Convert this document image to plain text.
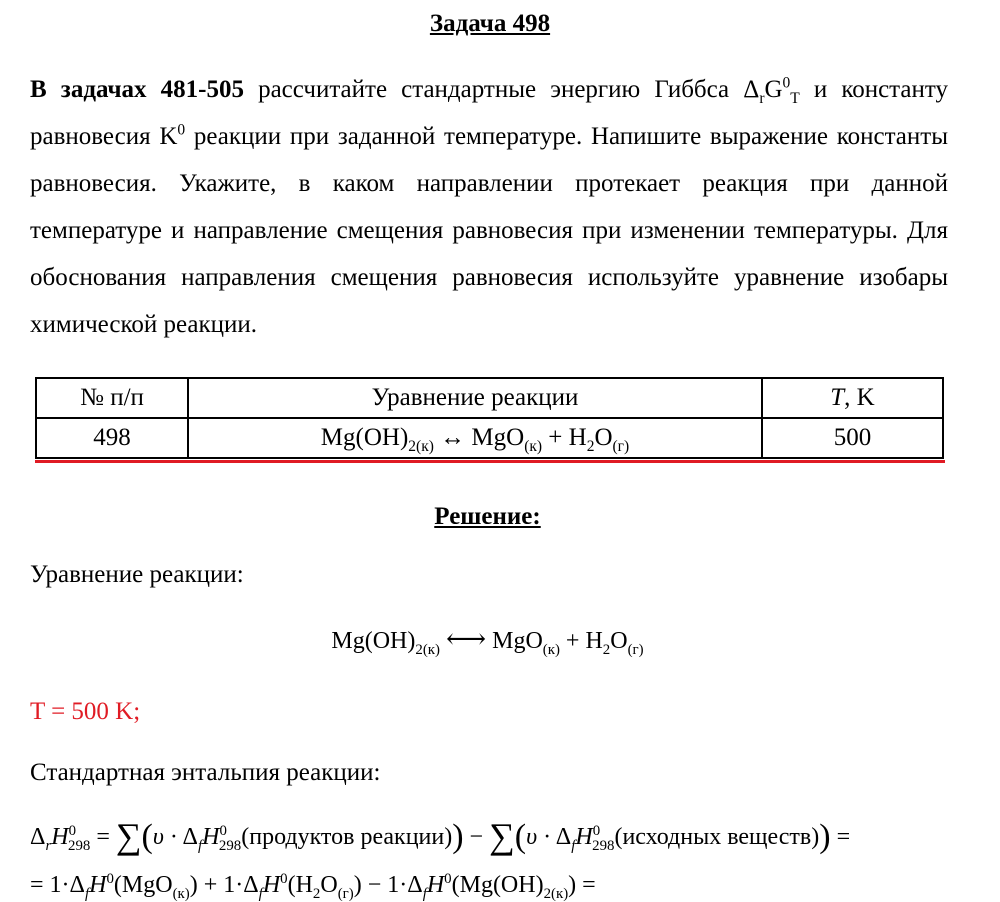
Задача 498

В задачах 481-505 рассчитайте стандартные энергию Гиббса $\Delta_rG^0_T$ и константу равновесия $K^0$ реакции при заданной температуре. Напишите выражение константы равновесия. Укажите, в каком направлении протекает реакция при данной температуре и направление смещения равновесия при изменении температуры. Для обоснования направления смещения равновесия используйте уравнение изобары химической реакции.

№ п/п	Уравнение реакции	T, K
498	$Mg(OH)_{2(к)}$ ↔ $MgO_{(к)} + H_2O_{(г)}$	500
Решение:
Уравнение реакции:
$Mg(OH)_{2(к)}$ ⟷ $MgO_{(к)} + H_2O_{(г)}$
T = 500 K;
Стандартная энтальпия реакции:
$\Delta_rH^0_{298} = \sum(\upsilon$ · $\Delta_fH^0_{298}(продуктов$ реакции)) − $\sum(\upsilon \cdot \Delta_fH^0_{298}(исходных$ веществ)) =
= $1\cdot\Delta_fH^0(MgO_{(к)}) + 1\cdot\Delta_fH^0(H_2O_{(г)}) - 1\cdot\Delta_fH^0(Mg(OH)_{2(к)})$ =
